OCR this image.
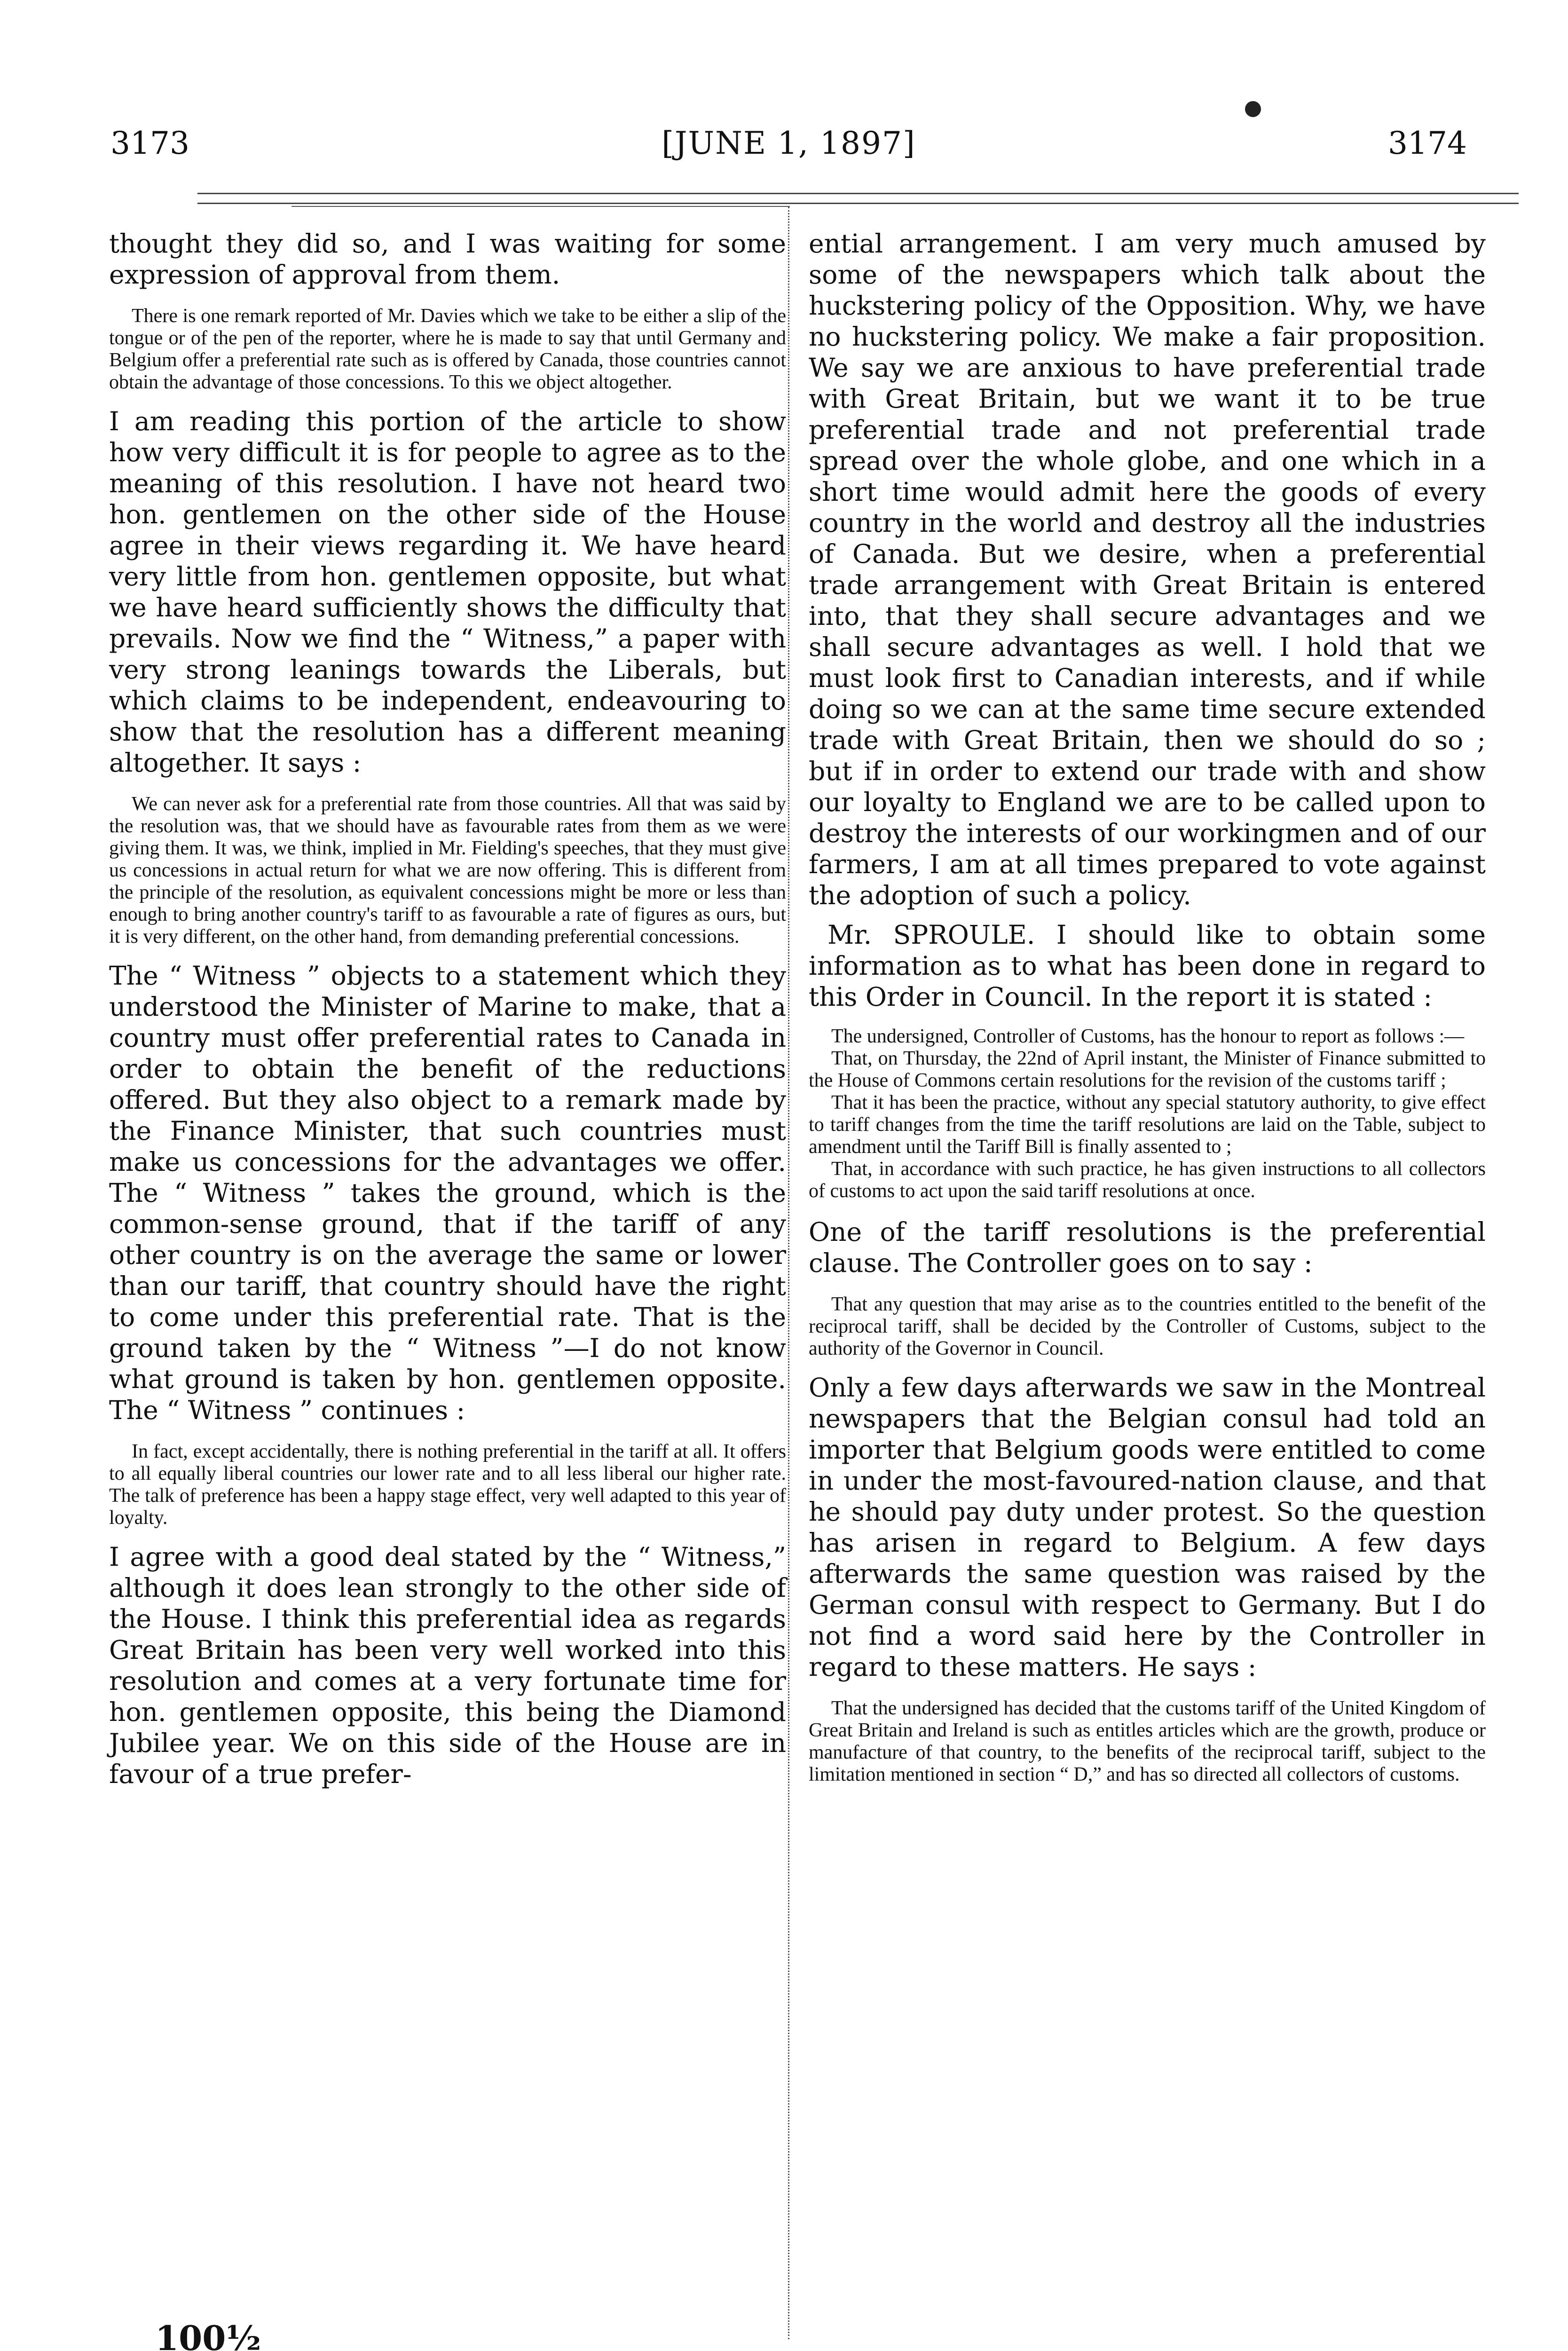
3173	[JUNE 1, 1897]	3174

thought they did so, and I was waiting for some expression of approval from them.

There is one remark reported of Mr. Davies which we take to be either a slip of the tongue or of the pen of the reporter, where he is made to say that until Germany and Belgium offer a preferential rate such as is offered by Canada, those countries cannot obtain the advantage of those concessions. To this we object altogether.

I am reading this portion of the article to show how very difficult it is for people to agree as to the meaning of this resolution. I have not heard two hon. gentlemen on the other side of the House agree in their views regarding it. We have heard very little from hon. gentlemen opposite, but what we have heard sufficiently shows the difficulty that prevails. Now we find the “ Witness,” a paper with very strong leanings towards the Liberals, but which claims to be independent, endeavouring to show that the resolution has a different meaning altogether. It says :

We can never ask for a preferential rate from those countries. All that was said by the resolution was, that we should have as favourable rates from them as we were giving them. It was, we think, implied in Mr. Fielding's speeches, that they must give us concessions in actual return for what we are now offering. This is different from the principle of the resolution, as equivalent concessions might be more or less than enough to bring another country's tariff to as favourable a rate of figures as ours, but it is very different, on the other hand, from demanding preferential concessions.

The “ Witness ” objects to a statement which they understood the Minister of Marine to make, that a country must offer preferential rates to Canada in order to obtain the benefit of the reductions offered. But they also object to a remark made by the Finance Minister, that such countries must make us concessions for the advantages we offer. The “ Witness ” takes the ground, which is the common-sense ground, that if the tariff of any other country is on the average the same or lower than our tariff, that country should have the right to come under this preferential rate. That is the ground taken by the “ Witness ”—I do not know what ground is taken by hon. gentlemen opposite. The “ Witness ” continues :

In fact, except accidentally, there is nothing preferential in the tariff at all. It offers to all equally liberal countries our lower rate and to all less liberal our higher rate. The talk of preference has been a happy stage effect, very well adapted to this year of loyalty.

I agree with a good deal stated by the “ Witness,” although it does lean strongly to the other side of the House. I think this preferential idea as regards Great Britain has been very well worked into this resolution and comes at a very fortunate time for hon. gentlemen opposite, this being the Diamond Jubilee year. We on this side of the House are in favour of a true prefer-

ential arrangement. I am very much amused by some of the newspapers which talk about the huckstering policy of the Opposition. Why, we have no huckstering policy. We make a fair proposition. We say we are anxious to have preferential trade with Great Britain, but we want it to be true preferential trade and not preferential trade spread over the whole globe, and one which in a short time would admit here the goods of every country in the world and destroy all the industries of Canada. But we desire, when a preferential trade arrangement with Great Britain is entered into, that they shall secure advantages and we shall secure advantages as well. I hold that we must look first to Canadian interests, and if while doing so we can at the same time secure extended trade with Great Britain, then we should do so ; but if in order to extend our trade with and show our loyalty to England we are to be called upon to destroy the interests of our workingmen and of our farmers, I am at all times prepared to vote against the adoption of such a policy.

Mr. SPROULE. I should like to obtain some information as to what has been done in regard to this Order in Council. In the report it is stated :

The undersigned, Controller of Customs, has the honour to report as follows :—

That, on Thursday, the 22nd of April instant, the Minister of Finance submitted to the House of Commons certain resolutions for the revision of the customs tariff ;

That it has been the practice, without any special statutory authority, to give effect to tariff changes from the time the tariff resolutions are laid on the Table, subject to amendment until the Tariff Bill is finally assented to ;

That, in accordance with such practice, he has given instructions to all collectors of customs to act upon the said tariff resolutions at once.

One of the tariff resolutions is the preferential clause. The Controller goes on to say :

That any question that may arise as to the countries entitled to the benefit of the reciprocal tariff, shall be decided by the Controller of Customs, subject to the authority of the Governor in Council.

Only a few days afterwards we saw in the Montreal newspapers that the Belgian consul had told an importer that Belgium goods were entitled to come in under the most-favoured-nation clause, and that he should pay duty under protest. So the question has arisen in regard to Belgium. A few days afterwards the same question was raised by the German consul with respect to Germany. But I do not find a word said here by the Controller in regard to these matters. He says :

That the undersigned has decided that the customs tariff of the United Kingdom of Great Britain and Ireland is such as entitles articles which are the growth, produce or manufacture of that country, to the benefits of the reciprocal tariff, subject to the limitation mentioned in section “ D,” and has so directed all collectors of customs.

100½
